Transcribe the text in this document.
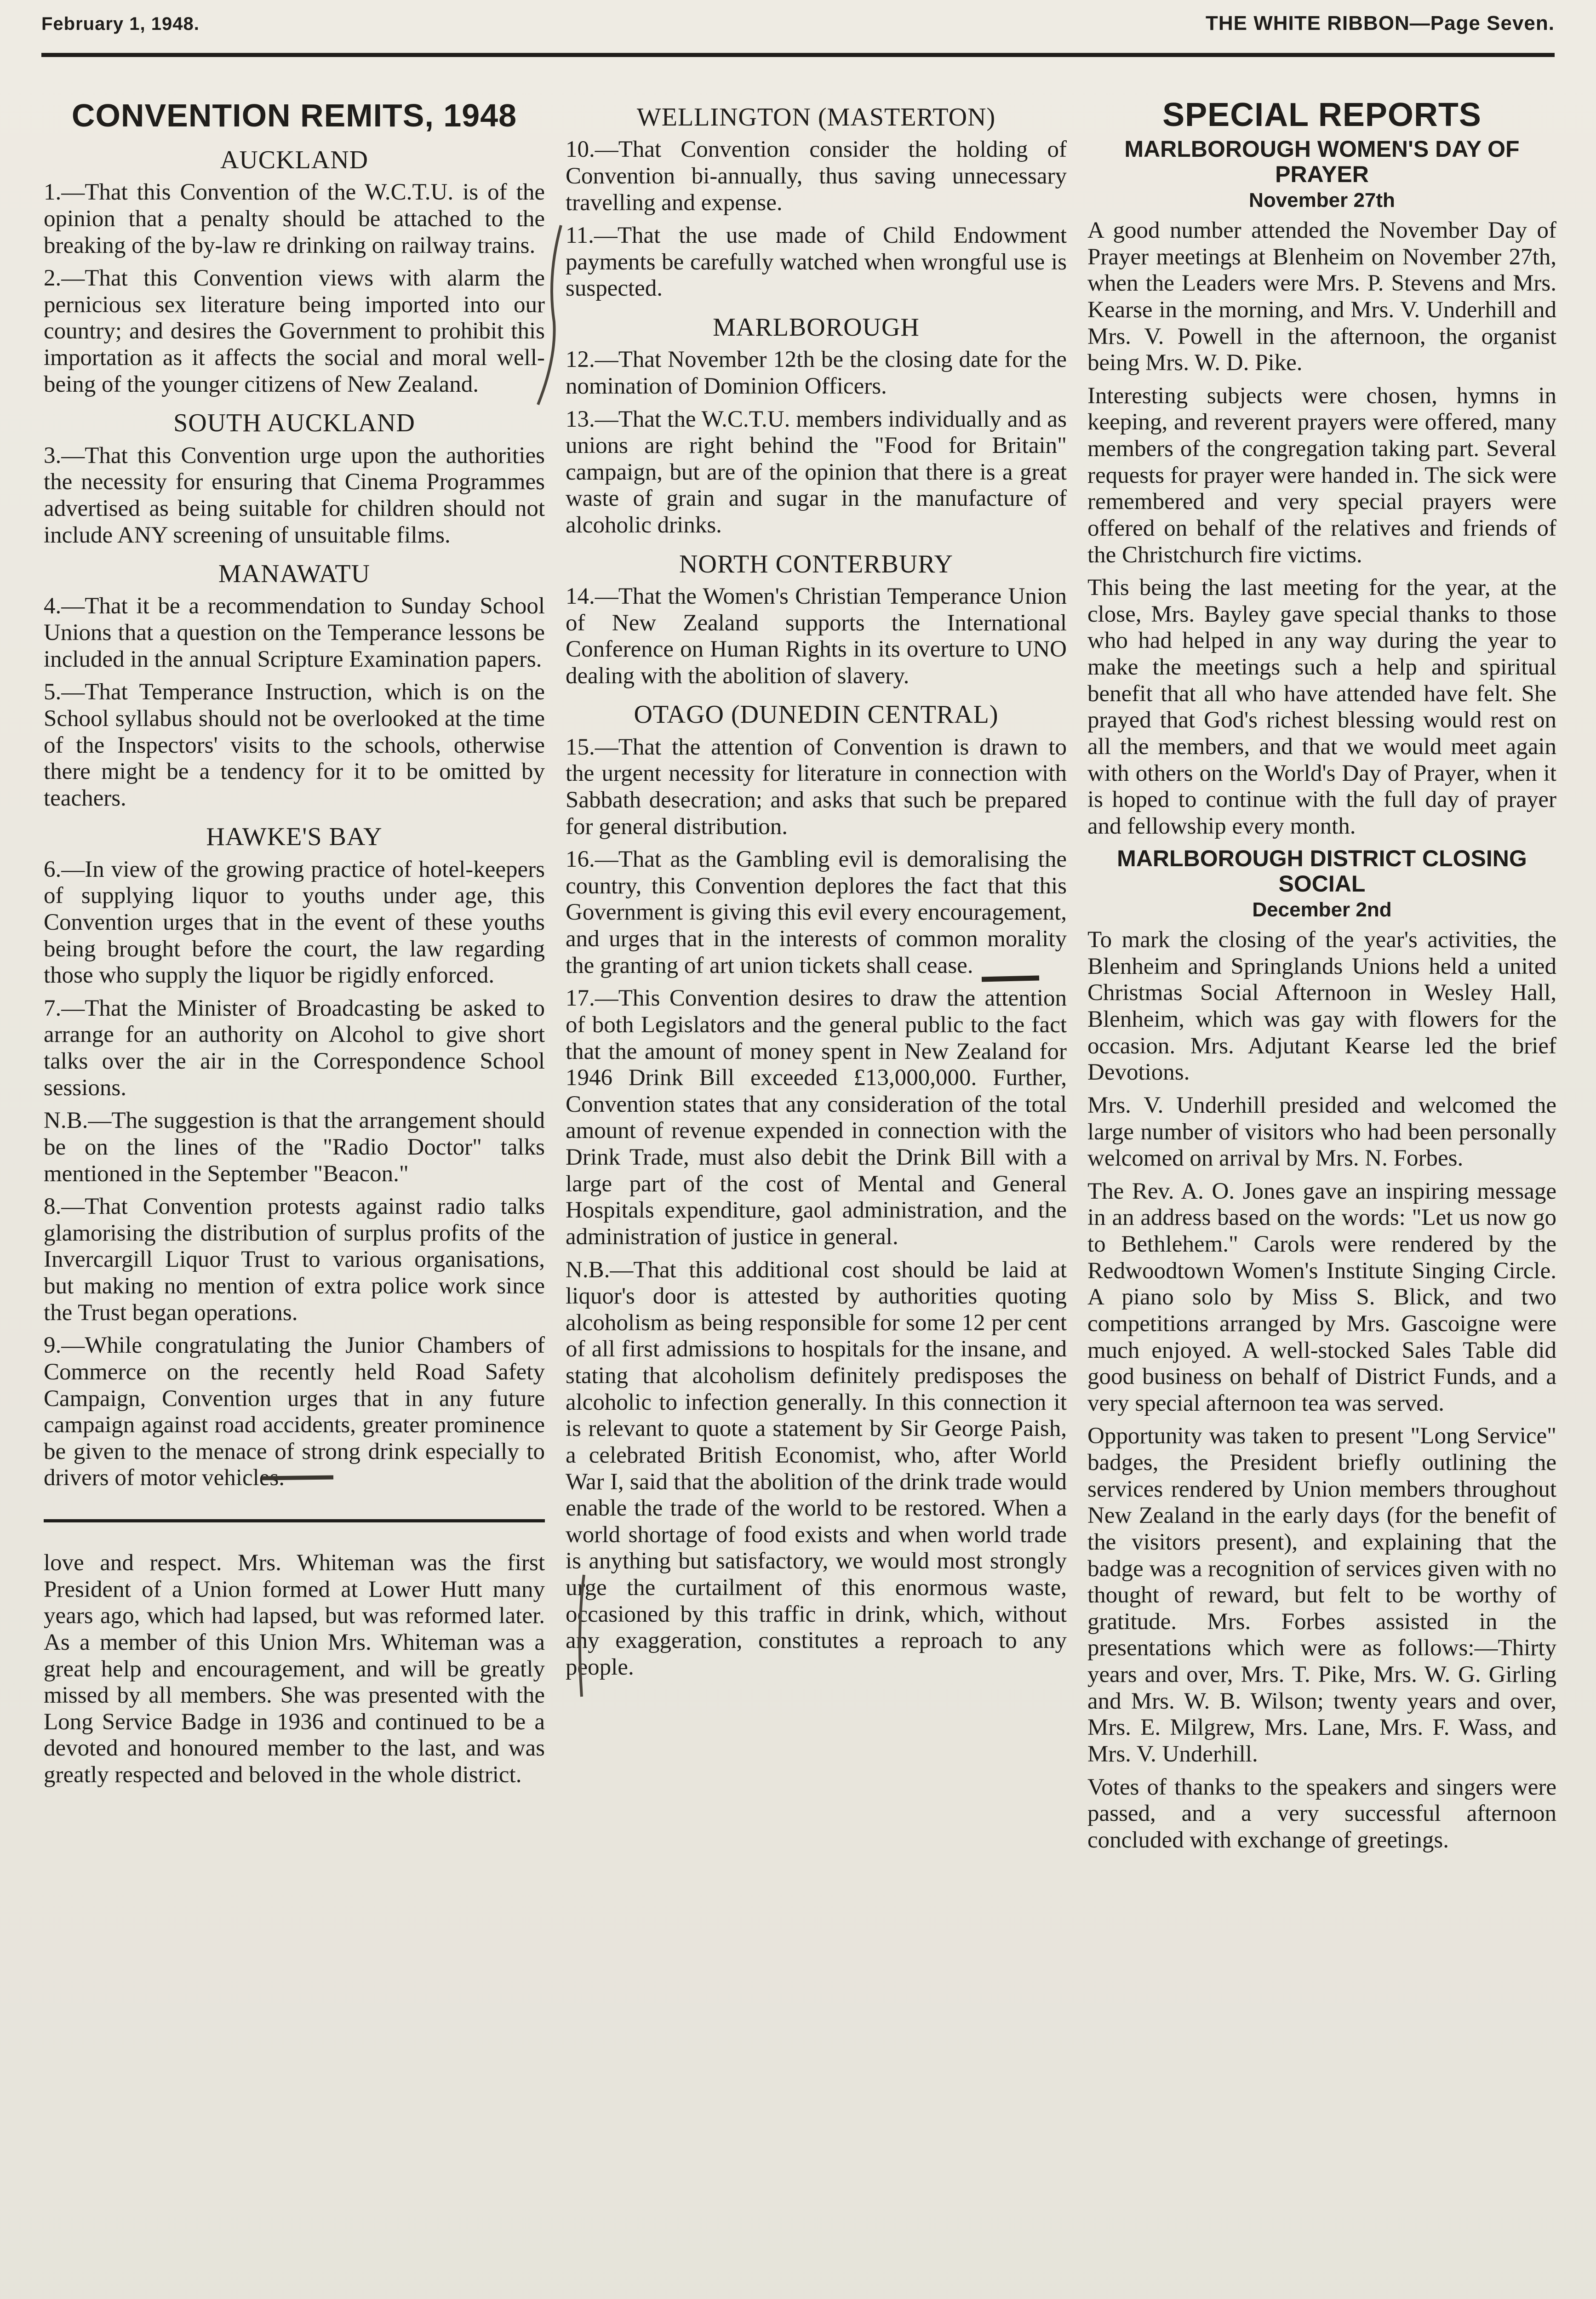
February 1, 1948.	THE WHITE RIBBON—Page Seven.
CONVENTION REMITS, 1948
AUCKLAND

1.—That this Convention of the W.C.T.U. is of the opinion that a penalty should be attached to the breaking of the by-law re drinking on railway trains.

2.—That this Convention views with alarm the pernicious sex literature being imported into our country; and desires the Government to prohibit this importation as it affects the social and moral well-being of the younger citizens of New Zealand.

SOUTH AUCKLAND

3.—That this Convention urge upon the authorities the necessity for ensuring that Cinema Programmes advertised as being suitable for children should not include ANY screening of unsuitable films.

MANAWATU

4.—That it be a recommendation to Sunday School Unions that a question on the Temperance lessons be included in the annual Scripture Examination papers.

5.—That Temperance Instruction, which is on the School syllabus should not be overlooked at the time of the Inspectors' visits to the schools, otherwise there might be a tendency for it to be omitted by teachers.

HAWKE'S BAY

6.—In view of the growing practice of hotel-keepers of supplying liquor to youths under age, this Convention urges that in the event of these youths being brought before the court, the law regarding those who supply the liquor be rigidly enforced.

7.—That the Minister of Broadcasting be asked to arrange for an authority on Alcohol to give short talks over the air in the Correspondence School sessions.

N.B.—The suggestion is that the arrangement should be on the lines of the "Radio Doctor" talks mentioned in the September "Beacon."

8.—That Convention protests against radio talks glamorising the distribution of surplus profits of the Invercargill Liquor Trust to various organisations, but making no mention of extra police work since the Trust began operations.

9.—While congratulating the Junior Chambers of Commerce on the recently held Road Safety Campaign, Convention urges that in any future campaign against road accidents, greater prominence be given to the menace of strong drink especially to drivers of motor vehicles.

love and respect. Mrs. Whiteman was the first President of a Union formed at Lower Hutt many years ago, which had lapsed, but was reformed later. As a member of this Union Mrs. Whiteman was a great help and encouragement, and will be greatly missed by all members. She was presented with the Long Service Badge in 1936 and continued to be a devoted and honoured member to the last, and was greatly respected and beloved in the whole district.

WELLINGTON (MASTERTON)

10.—That Convention consider the holding of Convention bi-annually, thus saving unnecessary travelling and expense.

11.—That the use made of Child Endowment payments be carefully watched when wrongful use is suspected.

MARLBOROUGH

12.—That November 12th be the closing date for the nomination of Dominion Officers.

13.—That the W.C.T.U. members individually and as unions are right behind the "Food for Britain" campaign, but are of the opinion that there is a great waste of grain and sugar in the manufacture of alcoholic drinks.

NORTH CONTERBURY

14.—That the Women's Christian Temperance Union of New Zealand supports the International Conference on Human Rights in its overture to UNO dealing with the abolition of slavery.

OTAGO (DUNEDIN CENTRAL)

15.—That the attention of Convention is drawn to the urgent necessity for literature in connection with Sabbath desecration; and asks that such be prepared for general distribution.

16.—That as the Gambling evil is demoralising the country, this Convention deplores the fact that this Government is giving this evil every encouragement, and urges that in the interests of common morality the granting of art union tickets shall cease.

17.—This Convention desires to draw the attention of both Legislators and the general public to the fact that the amount of money spent in New Zealand for 1946 Drink Bill exceeded £13,000,000. Further, Convention states that any consideration of the total amount of revenue expended in connection with the Drink Trade, must also debit the Drink Bill with a large part of the cost of Mental and General Hospitals expenditure, gaol administration, and the administration of justice in general.

N.B.—That this additional cost should be laid at liquor's door is attested by authorities quoting alcoholism as being responsible for some 12 per cent of all first admissions to hospitals for the insane, and stating that alcoholism definitely predisposes the alcoholic to infection generally. In this connection it is relevant to quote a statement by Sir George Paish, a celebrated British Economist, who, after World War I, said that the abolition of the drink trade would enable the trade of the world to be restored. When a world shortage of food exists and when world trade is anything but satisfactory, we would most strongly urge the curtailment of this enormous waste, occasioned by this traffic in drink, which, without any exaggeration, constitutes a reproach to any people.

SPECIAL REPORTS
MARLBOROUGH WOMEN'S DAY OF PRAYER
November 27th

A good number attended the November Day of Prayer meetings at Blenheim on November 27th, when the Leaders were Mrs. P. Stevens and Mrs. Kearse in the morning, and Mrs. V. Underhill and Mrs. V. Powell in the afternoon, the organist being Mrs. W. D. Pike.

Interesting subjects were chosen, hymns in keeping, and reverent prayers were offered, many members of the congregation taking part. Several requests for prayer were handed in. The sick were remembered and very special prayers were offered on behalf of the relatives and friends of the Christchurch fire victims.

This being the last meeting for the year, at the close, Mrs. Bayley gave special thanks to those who had helped in any way during the year to make the meetings such a help and spiritual benefit that all who have attended have felt. She prayed that God's richest blessing would rest on all the members, and that we would meet again with others on the World's Day of Prayer, when it is hoped to continue with the full day of prayer and fellowship every month.

MARLBOROUGH DISTRICT CLOSING SOCIAL
December 2nd

To mark the closing of the year's activities, the Blenheim and Springlands Unions held a united Christmas Social Afternoon in Wesley Hall, Blenheim, which was gay with flowers for the occasion. Mrs. Adjutant Kearse led the brief Devotions.

Mrs. V. Underhill presided and welcomed the large number of visitors who had been personally welcomed on arrival by Mrs. N. Forbes.

The Rev. A. O. Jones gave an inspiring message in an address based on the words: "Let us now go to Bethlehem." Carols were rendered by the Redwoodtown Women's Institute Singing Circle. A piano solo by Miss S. Blick, and two competitions arranged by Mrs. Gascoigne were much enjoyed. A well-stocked Sales Table did good business on behalf of District Funds, and a very special afternoon tea was served.

Opportunity was taken to present "Long Service" badges, the President briefly outlining the services rendered by Union members throughout New Zealand in the early days (for the benefit of the visitors present), and explaining that the badge was a recognition of services given with no thought of reward, but felt to be worthy of gratitude. Mrs. Forbes assisted in the presentations which were as follows:—Thirty years and over, Mrs. T. Pike, Mrs. W. G. Girling and Mrs. W. B. Wilson; twenty years and over, Mrs. E. Milgrew, Mrs. Lane, Mrs. F. Wass, and Mrs. V. Underhill.

Votes of thanks to the speakers and singers were passed, and a very successful afternoon concluded with exchange of greetings.
